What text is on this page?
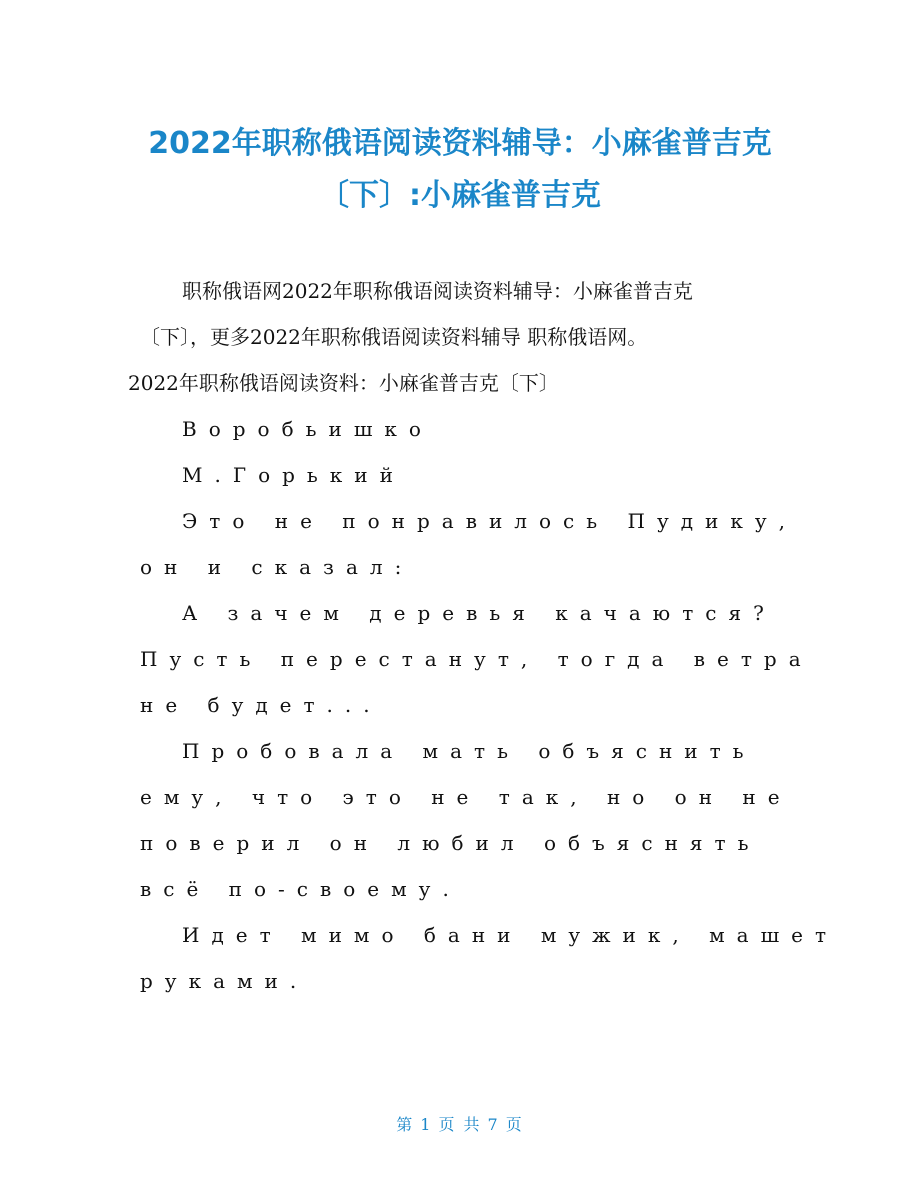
2022年职称俄语阅读资料辅导：小麻雀普吉克
〔下〕:小麻雀普吉克

职称俄语网2022年职称俄语阅读资料辅导：小麻雀普吉克

〔下〕，更多2022年职称俄语阅读资料辅导 职称俄语网。

2022年职称俄语阅读资料：小麻雀普吉克〔下〕

Воробьишко

М.Горький

Это не понравилось Пудику,

он и сказал:

А зачем деревья качаются?

Пусть перестанут, тогда ветра

не будет...

Пробовала мать объяснить

ему, что это не так, но он не

поверил он любил объяснять

всё по-своему.

Идет мимо бани мужик, машет

руками.

第 1 页 共 7 页
